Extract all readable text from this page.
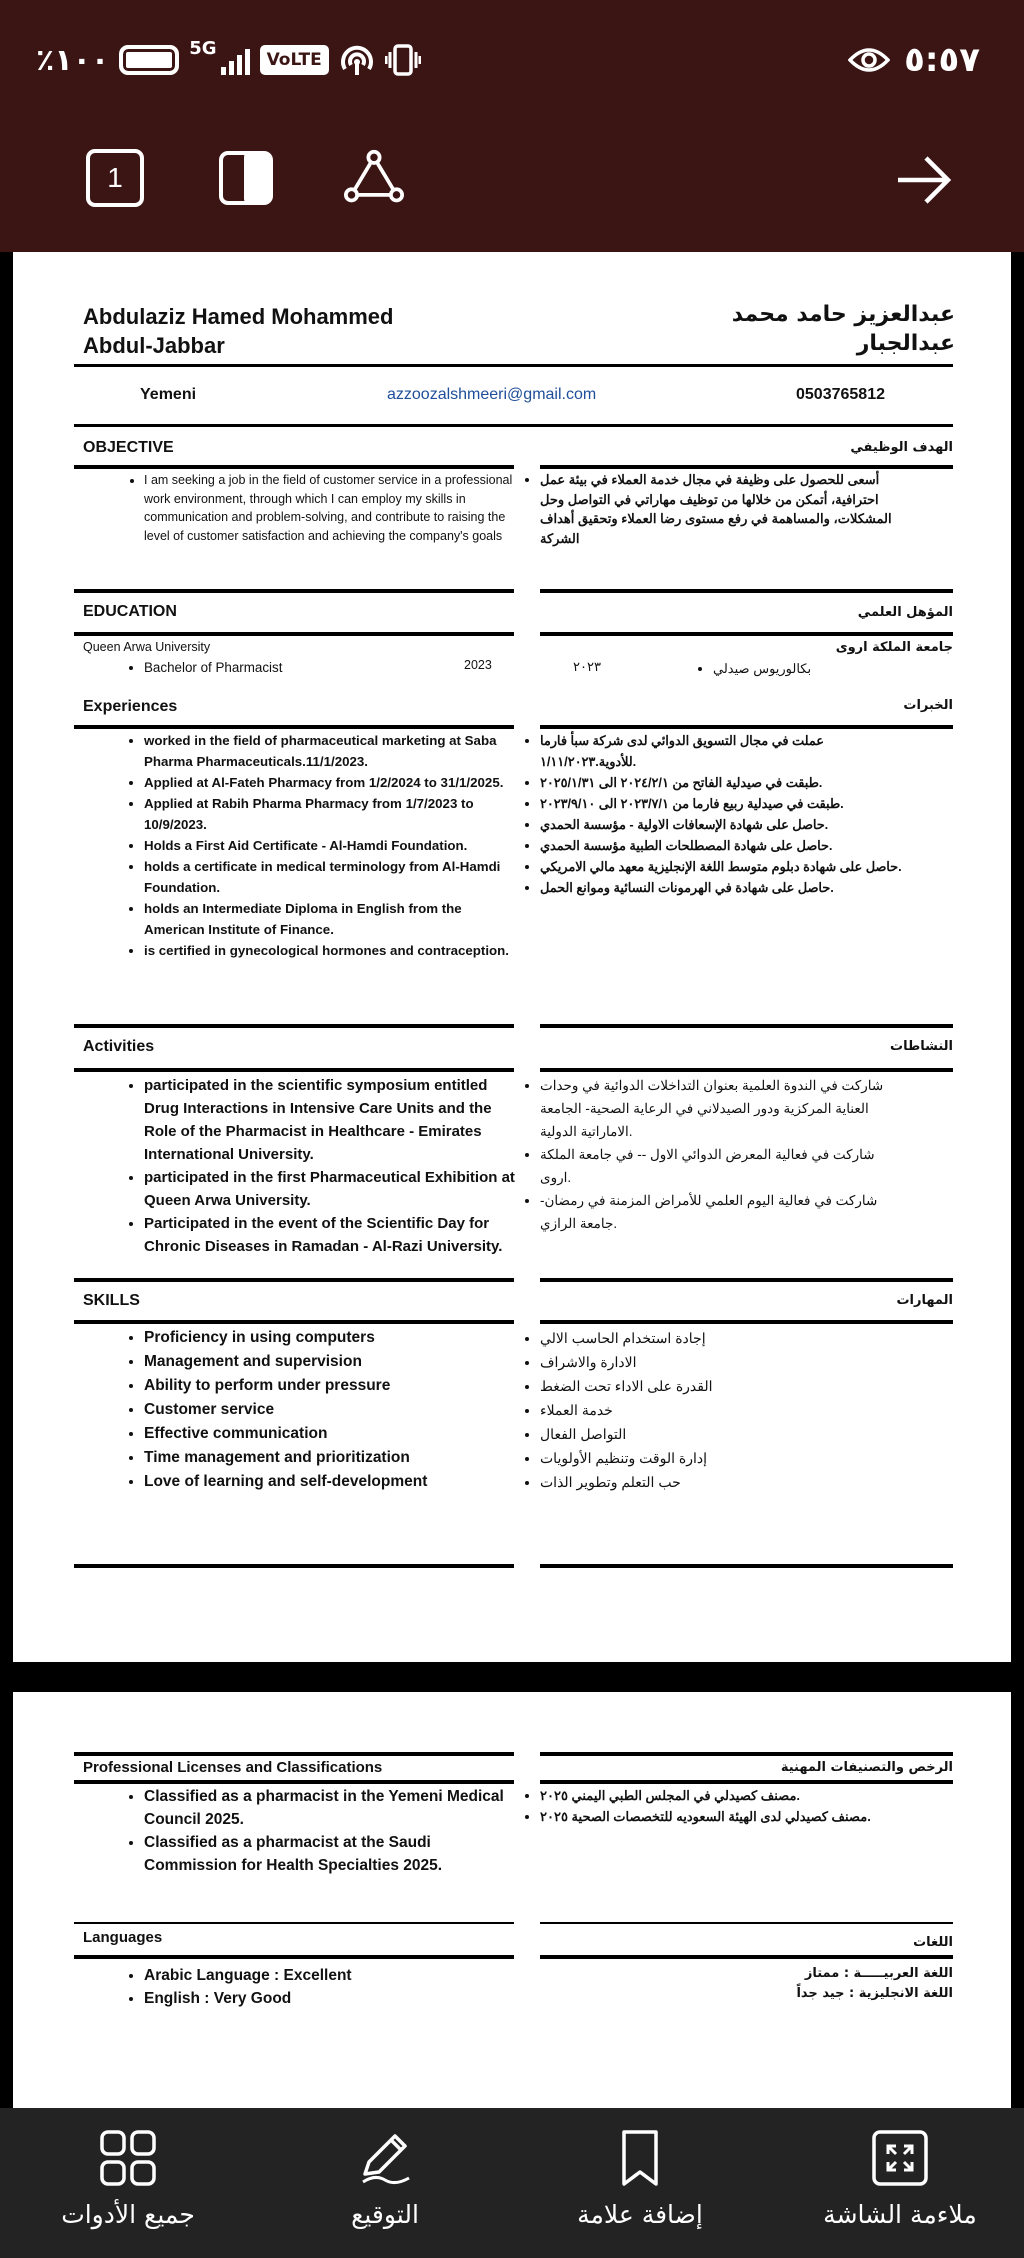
٪١٠٠	5G
VoLTE	٥:٥٧
1
Abdulaziz Hamed Mohammed
Abdul-Jabbar
عبدالعزيز حامد محمد
عبدالجبار
Yemeni	azzoozalshmeeri@gmail.com	0503765812
OBJECTIVE	الهدف الوظيفي
• I am seeking a job in the field of customer service in a professional work environment, through which I can employ my skills in communication and problem-solving, and contribute to raising the level of customer satisfaction and achieving the company's goals
• أسعى للحصول على وظيفة في مجال خدمة العملاء في بيئة عمل احترافية، أتمكن من خلالها من توظيف مهاراتي في التواصل وحل المشكلات، والمساهمة في رفع مستوى رضا العملاء وتحقيق أهداف الشركة
EDUCATION	المؤهل العلمي
Queen Arwa University
• Bachelor of Pharmacist	2023
جامعة الملكة اروى
• بكالوريوس صيدلي
٢٠٢٣
Experiences	الخبرات
• worked in the field of pharmaceutical marketing at Saba Pharma Pharmaceuticals.11/1/2023.
• Applied at Al-Fateh Pharmacy from 1/2/2024 to 31/1/2025.
• Applied at Rabih Pharma Pharmacy from 1/7/2023 to 10/9/2023.
• Holds a First Aid Certificate - Al-Hamdi Foundation.
• holds a certificate in medical terminology from Al-Hamdi Foundation.
• holds an Intermediate Diploma in English from the American Institute of Finance.
• is certified in gynecological hormones and contraception.
• عملت في مجال التسويق الدوائي لدى شركة سبأ فارما للأدوية.١/١١/٢٠٢٣.
• طبقت في صيدلية الفاتح من ٢٠٢٤/٢/١ الى ٢٠٢٥/١/٣١.
• طبقت في صيدلية ربيع فارما من ٢٠٢٣/٧/١ الى ٢٠٢٣/٩/١٠.
• حاصل على شهادة الإسعافات الاولية - مؤسسة الحمدي.
• حاصل على شهادة المصطلحات الطبية مؤسسة الحمدي.
• حاصل على شهادة دبلوم متوسط اللغة الإنجليزية معهد مالي الامريكي.
• حاصل على شهادة في الهرمونات النسائية وموانع الحمل.
Activities	النشاطات
• participated in the scientific symposium entitled Drug Interactions in Intensive Care Units and the Role of the Pharmacist in Healthcare - Emirates International University.
• participated in the first Pharmaceutical Exhibition at Queen Arwa University.
• Participated in the event of the Scientific Day for Chronic Diseases in Ramadan - Al-Razi University.
• شاركت في الندوة العلمية بعنوان التداخلات الدوائية في وحدات العناية المركزية ودور الصيدلاني في الرعاية الصحية- الجامعة الاماراتية الدولية.
• شاركت في فعالية المعرض الدوائي الاول -- في جامعة الملكة اروى.
• شاركت في فعالية اليوم العلمي للأمراض المزمنة في رمضان- جامعة الرازي.
SKILLS	المهارات
• Proficiency in using computers
• Management and supervision
• Ability to perform under pressure
• Customer service
• Effective communication
• Time management and prioritization
• Love of learning and self-development
• إجادة استخدام الحاسب الالي
• الادارة والاشراف
• القدرة على الاداء تحت الضغط
• خدمة العملاء
• التواصل الفعال
• إدارة الوقت وتنظيم الأولويات
• حب التعلم وتطوير الذات
Professional Licenses and Classifications	الرخص والتصنيفات المهنية
• Classified as a pharmacist in the Yemeni Medical Council 2025.
• Classified as a pharmacist at the Saudi Commission for Health Specialties 2025.
• مصنف كصيدلي في المجلس الطبي اليمني ٢٠٢٥.
• مصنف كصيدلي لدى الهيئة السعوديه للتخصصات الصحية ٢٠٢٥.
Languages	اللغات
• Arabic Language : Excellent
• English : Very Good
اللغة العربيـــــة : ممتاز
اللغة الانجليزية : جيد جداً
ملاءمة الشاشة
إضافة علامة
التوقيع
جميع الأدوات
